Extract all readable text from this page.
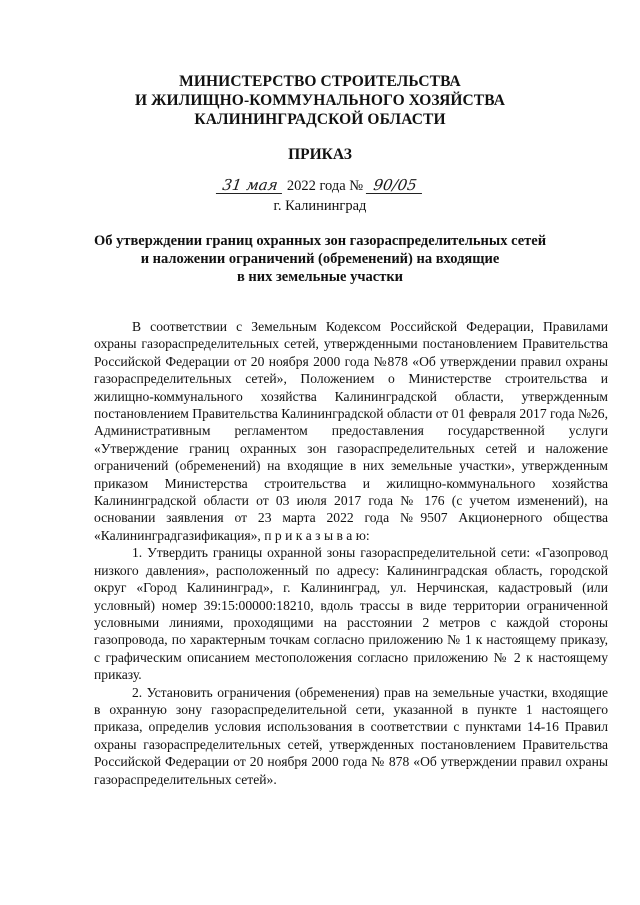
МИНИСТЕРСТВО СТРОИТЕЛЬСТВА
И ЖИЛИЩНО-КОММУНАЛЬНОГО ХОЗЯЙСТВА
КАЛИНИНГРАДСКОЙ ОБЛАСТИ
ПРИКАЗ
31 мая 2022 года № 90/05
г. Калининград
Об утверждении границ охранных зон газораспределительных сетей
и наложении ограничений (обременений) на входящие
в них земельные участки

В соответствии с Земельным Кодексом Российской Федерации, Правилами охраны газораспределительных сетей, утвержденными постановлением Правительства Российской Федерации от 20 ноября 2000 года №878 «Об утверждении правил охраны газораспределительных сетей», Положением о Министерстве строительства и жилищно-коммунального хозяйства Калининградской области, утвержденным постановлением Правительства Калининградской области от 01 февраля 2017 года №26, Административным регламентом предоставления государственной услуги «Утверждение границ охранных зон газораспределительных сетей и наложение ограничений (обременений) на входящие в них земельные участки», утвержденным приказом Министерства строительства и жилищно-коммунального хозяйства Калининградской области от 03 июля 2017 года № 176 (с учетом изменений), на основании заявления от 23 марта 2022 года №9507 Акционерного общества «Калининградгазификация», п р и к а з ы в а ю:

1. Утвердить границы охранной зоны газораспределительной сети: «Газопровод низкого давления», расположенный по адресу: Калининградская область, городской округ «Город Калининград», г. Калининград, ул. Нерчинская, кадастровый (или условный) номер 39:15:00000:18210, вдоль трассы в виде территории ограниченной условными линиями, проходящими на расстоянии 2 метров с каждой стороны газопровода, по характерным точкам согласно приложению № 1 к настоящему приказу, с графическим описанием местоположения согласно приложению № 2 к настоящему приказу.

2. Установить ограничения (обременения) прав на земельные участки, входящие в охранную зону газораспределительной сети, указанной в пункте 1 настоящего приказа, определив условия использования в соответствии с пунктами 14-16 Правил охраны газораспределительных сетей, утвержденных постановлением Правительства Российской Федерации от 20 ноября 2000 года № 878 «Об утверждении правил охраны газораспределительных сетей».
